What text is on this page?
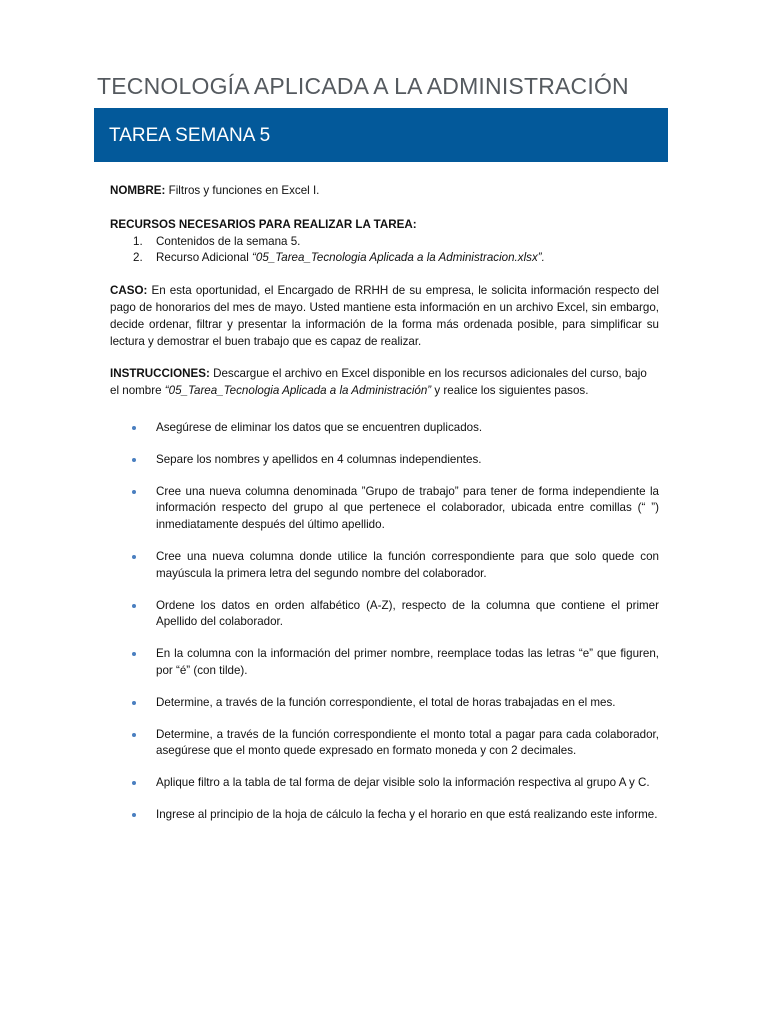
TECNOLOGÍA APLICADA A LA ADMINISTRACIÓN
TAREA SEMANA 5

NOMBRE: Filtros y funciones en Excel I.

RECURSOS NECESARIOS PARA REALIZAR LA TAREA:

1. Contenidos de la semana 5.
2. Recurso Adicional “05_Tarea_Tecnologia Aplicada a la Administracion.xlsx”.

CASO: En esta oportunidad, el Encargado de RRHH de su empresa, le solicita información respecto del pago de honorarios del mes de mayo. Usted mantiene esta información en un archivo Excel, sin embargo, decide ordenar, filtrar y presentar la información de la forma más ordenada posible, para simplificar su lectura y demostrar el buen trabajo que es capaz de realizar.

INSTRUCCIONES: Descargue el archivo en Excel disponible en los recursos adicionales del curso, bajo el nombre “05_Tarea_Tecnologia Aplicada a la Administración” y realice los siguientes pasos.

Asegúrese de eliminar los datos que se encuentren duplicados.
Separe los nombres y apellidos en 4 columnas independientes.
Cree una nueva columna denominada ”Grupo de trabajo” para tener de forma independiente la información respecto del grupo al que pertenece el colaborador, ubicada entre comillas (“ ”) inmediatamente después del último apellido.
Cree una nueva columna donde utilice la función correspondiente para que solo quede con mayúscula la primera letra del segundo nombre del colaborador.
Ordene los datos en orden alfabético (A-Z), respecto de la columna que contiene el primer Apellido del colaborador.
En la columna con la información del primer nombre, reemplace todas las letras “e” que figuren, por “é” (con tilde).
Determine, a través de la función correspondiente, el total de horas trabajadas en el mes.
Determine, a través de la función correspondiente el monto total a pagar para cada colaborador, asegúrese que el monto quede expresado en formato moneda y con 2 decimales.
Aplique filtro a la tabla de tal forma de dejar visible solo la información respectiva al grupo A y C.
Ingrese al principio de la hoja de cálculo la fecha y el horario en que está realizando este informe.
